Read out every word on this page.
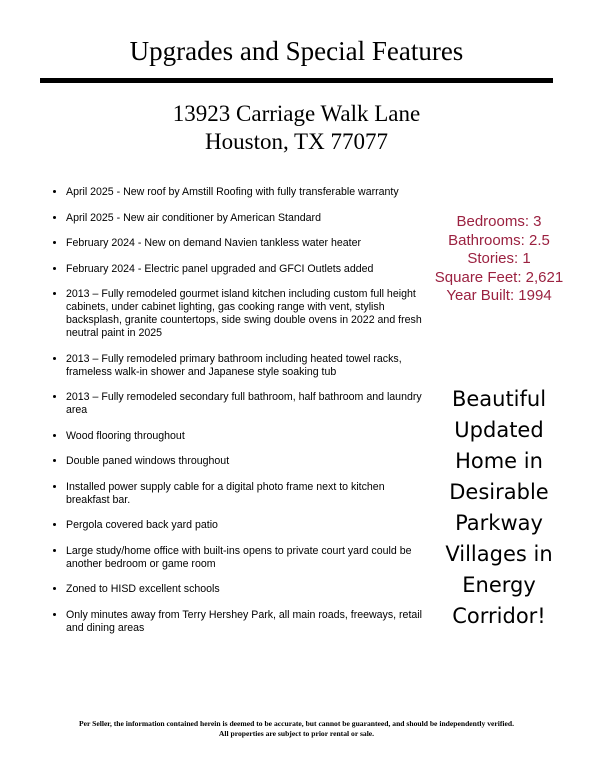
Upgrades and Special Features
13923 Carriage Walk Lane
Houston, TX 77077
• April 2025 - New roof by Amstill Roofing with fully transferable warranty
• April 2025 - New air conditioner by American Standard
• February 2024 - New on demand Navien tankless water heater
• February 2024 - Electric panel upgraded and GFCI Outlets added
• 2013 – Fully remodeled gourmet island kitchen including custom full height cabinets, under cabinet lighting, gas cooking range with vent, stylish backsplash, granite countertops, side swing double ovens in 2022 and fresh neutral paint in 2025
• 2013 – Fully remodeled primary bathroom including heated towel racks, frameless walk-in shower and Japanese style soaking tub
• 2013 – Fully remodeled secondary full bathroom, half bathroom and laundry area
• Wood flooring throughout
• Double paned windows throughout
• Installed power supply cable for a digital photo frame next to kitchen breakfast bar.
• Pergola covered back yard patio
• Large study/home office with built-ins opens to private court yard could be another bedroom or game room
• Zoned to HISD excellent schools
• Only minutes away from Terry Hershey Park, all main roads, freeways, retail and dining areas
Bedrooms: 3
Bathrooms: 2.5
Stories: 1
Square Feet: 2,621
Year Built: 1994
Beautiful
Updated
Home in
Desirable
Parkway
Villages in
Energy
Corridor!
Per Seller, the information contained herein is deemed to be accurate, but cannot be guaranteed, and should be independently verified.
All properties are subject to prior rental or sale.
